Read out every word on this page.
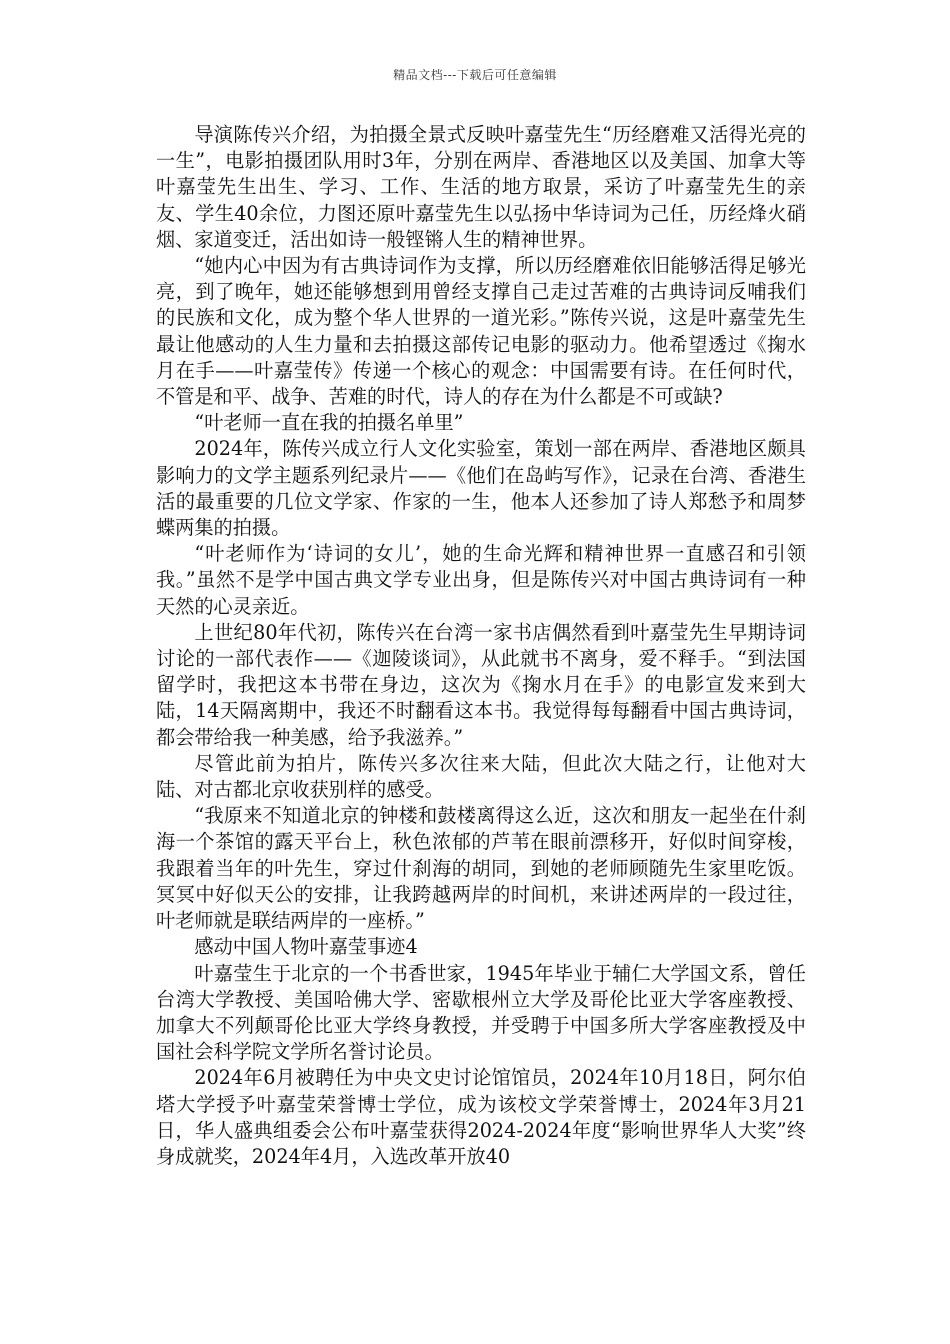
精品文档---下载后可任意编辑

导演陈传兴介绍，为拍摄全景式反映叶嘉莹先生“历经磨难又活得光亮的一生”，电影拍摄团队用时3年，分别在两岸、香港地区以及美国、加拿大等叶嘉莹先生出生、学习、工作、生活的地方取景，采访了叶嘉莹先生的亲友、学生40余位，力图还原叶嘉莹先生以弘扬中华诗词为己任，历经烽火硝烟、家道变迁，活出如诗一般铿锵人生的精神世界。

“她内心中因为有古典诗词作为支撑，所以历经磨难依旧能够活得足够光亮，到了晚年，她还能够想到用曾经支撑自己走过苦难的古典诗词反哺我们的民族和文化，成为整个华人世界的一道光彩。”陈传兴说，这是叶嘉莹先生最让他感动的人生力量和去拍摄这部传记电影的驱动力。他希望透过《掬水月在手——叶嘉莹传》传递一个核心的观念：中国需要有诗。在任何时代，不管是和平、战争、苦难的时代，诗人的存在为什么都是不可或缺?

“叶老师一直在我的拍摄名单里”

2024年，陈传兴成立行人文化实验室，策划一部在两岸、香港地区颇具影响力的文学主题系列纪录片——《他们在岛屿写作》，记录在台湾、香港生活的最重要的几位文学家、作家的一生，他本人还参加了诗人郑愁予和周梦蝶两集的拍摄。

“叶老师作为‘诗词的女儿’，她的生命光辉和精神世界一直感召和引领我。”虽然不是学中国古典文学专业出身，但是陈传兴对中国古典诗词有一种天然的心灵亲近。

上世纪80年代初，陈传兴在台湾一家书店偶然看到叶嘉莹先生早期诗词讨论的一部代表作——《迦陵谈词》，从此就书不离身，爱不释手。“到法国留学时，我把这本书带在身边，这次为《掬水月在手》的电影宣发来到大陆，14天隔离期中，我还不时翻看这本书。我觉得每每翻看中国古典诗词，都会带给我一种美感，给予我滋养。”

尽管此前为拍片，陈传兴多次往来大陆，但此次大陆之行，让他对大陆、对古都北京收获别样的感受。

“我原来不知道北京的钟楼和鼓楼离得这么近，这次和朋友一起坐在什刹海一个茶馆的露天平台上，秋色浓郁的芦苇在眼前漂移开，好似时间穿梭，我跟着当年的叶先生，穿过什刹海的胡同，到她的老师顾随先生家里吃饭。冥冥中好似天公的安排，让我跨越两岸的时间机，来讲述两岸的一段过往，叶老师就是联结两岸的一座桥。”

感动中国人物叶嘉莹事迹4

叶嘉莹生于北京的一个书香世家，1945年毕业于辅仁大学国文系，曾任台湾大学教授、美国哈佛大学、密歇根州立大学及哥伦比亚大学客座教授、加拿大不列颠哥伦比亚大学终身教授，并受聘于中国多所大学客座教授及中国社会科学院文学所名誉讨论员。

2024年6月被聘任为中央文史讨论馆馆员，2024年10月18日，阿尔伯塔大学授予叶嘉莹荣誉博士学位，成为该校文学荣誉博士，2024年3月21日，华人盛典组委会公布叶嘉莹获得2024-2024年度“影响世界华人大奖”终身成就奖，2024年4月，入选改革开放40
